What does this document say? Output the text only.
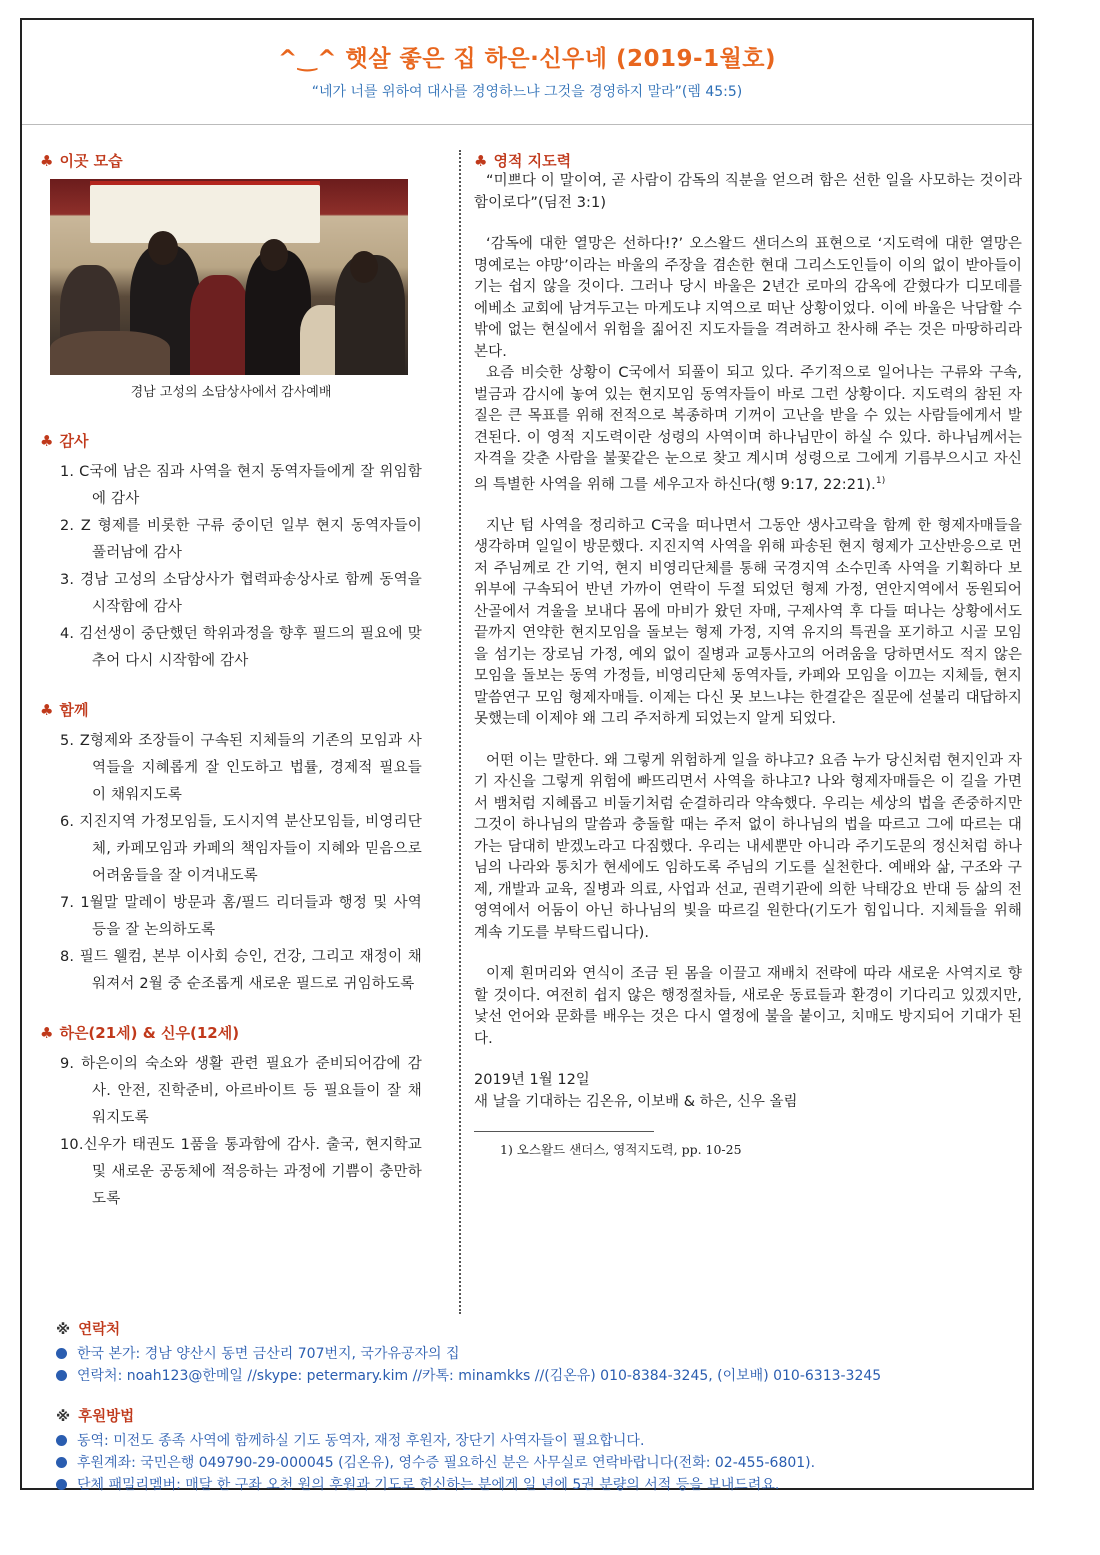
^‿^ 햇살 좋은 집 하은·신우네 (2019-1월호)
“네가 너를 위하여 대사를 경영하느냐 그것을 경영하지 말라”(렘 45:5)
♣ 이곳 모습
경남 고성의 소담상사에서 감사예배
♣ 감사
1. C국에 남은 짐과 사역을 현지 동역자들에게 잘 위임함에 감사
2. Z 형제를 비롯한 구류 중이던 일부 현지 동역자들이 풀러남에 감사
3. 경남 고성의 소담상사가 협력파송상사로 함께 동역을 시작함에 감사
4. 김선생이 중단했던 학위과정을 향후 필드의 필요에 맞추어 다시 시작함에 감사
♣ 함께
5. Z형제와 조장들이 구속된 지체들의 기존의 모임과 사역들을 지혜롭게 잘 인도하고 법률, 경제적 필요들이 채워지도록
6. 지진지역 가정모임들, 도시지역 분산모임들, 비영리단체, 카페모임과 카페의 책임자들이 지혜와 믿음으로 어려움들을 잘 이겨내도록
7. 1월말 말레이 방문과 홈/필드 리더들과 행정 및 사역 등을 잘 논의하도록
8. 필드 웰컴, 본부 이사회 승인, 건강, 그리고 재정이 채워져서 2월 중 순조롭게 새로운 필드로 귀임하도록
♣ 하은(21세) & 신우(12세)
9. 하은이의 숙소와 생활 관련 필요가 준비되어감에 감사. 안전, 진학준비, 아르바이트 등 필요들이 잘 채워지도록
10.신우가 태권도 1품을 통과함에 감사. 출국, 현지학교 및 새로운 공동체에 적응하는 과정에 기쁨이 충만하도록
♣ 영적 지도력

“미쁘다 이 말이여, 곧 사람이 감독의 직분을 얻으려 함은 선한 일을 사모하는 것이라 함이로다”(딤전 3:1)

‘감독에 대한 열망은 선하다!?’ 오스왈드 샌더스의 표현으로 ‘지도력에 대한 열망은 명예로는 야망’이라는 바울의 주장을 겸손한 현대 그리스도인들이 이의 없이 받아들이기는 쉽지 않을 것이다. 그러나 당시 바울은 2년간 로마의 감옥에 갇혔다가 디모데를 에베소 교회에 남겨두고는 마게도냐 지역으로 떠난 상황이었다. 이에 바울은 낙담할 수밖에 없는 현실에서 위험을 짊어진 지도자들을 격려하고 찬사해 주는 것은 마땅하리라 본다.

요즘 비슷한 상황이 C국에서 되풀이 되고 있다. 주기적으로 일어나는 구류와 구속, 벌금과 감시에 놓여 있는 현지모임 동역자들이 바로 그런 상황이다. 지도력의 참된 자질은 큰 목표를 위해 전적으로 복종하며 기꺼이 고난을 받을 수 있는 사람들에게서 발견된다. 이 영적 지도력이란 성령의 사역이며 하나님만이 하실 수 있다. 하나님께서는 자격을 갖춘 사람을 불꽃같은 눈으로 찾고 계시며 성령으로 그에게 기름부으시고 자신의 특별한 사역을 위해 그를 세우고자 하신다(행 9:17, 22:21).$^{1)}$

지난 텀 사역을 정리하고 C국을 떠나면서 그동안 생사고락을 함께 한 형제자매들을 생각하며 일일이 방문했다. 지진지역 사역을 위해 파송된 현지 형제가 고산반응으로 먼저 주님께로 간 기억, 현지 비영리단체를 통해 국경지역 소수민족 사역을 기획하다 보위부에 구속되어 반년 가까이 연락이 두절 되었던 형제 가정, 연안지역에서 동원되어 산골에서 겨울을 보내다 몸에 마비가 왔던 자매, 구제사역 후 다들 떠나는 상황에서도 끝까지 연약한 현지모임을 돌보는 형제 가정, 지역 유지의 특권을 포기하고 시골 모임을 섬기는 장로님 가정, 예외 없이 질병과 교통사고의 어려움을 당하면서도 적지 않은 모임을 돌보는 동역 가정들, 비영리단체 동역자들, 카페와 모임을 이끄는 지체들, 현지 말씀연구 모임 형제자매들. 이제는 다신 못 보느냐는 한결같은 질문에 섣불리 대답하지 못했는데 이제야 왜 그리 주저하게 되었는지 알게 되었다.

어떤 이는 말한다. 왜 그렇게 위험하게 일을 하냐고? 요즘 누가 당신처럼 현지인과 자기 자신을 그렇게 위험에 빠뜨리면서 사역을 하냐고? 나와 형제자매들은 이 길을 가면서 뱀처럼 지혜롭고 비둘기처럼 순결하리라 약속했다. 우리는 세상의 법을 존중하지만 그것이 하나님의 말씀과 충돌할 때는 주저 없이 하나님의 법을 따르고 그에 따르는 대가는 담대히 받겠노라고 다짐했다. 우리는 내세뿐만 아니라 주기도문의 정신처럼 하나님의 나라와 통치가 현세에도 임하도록 주님의 기도를 실천한다. 예배와 삶, 구조와 구제, 개발과 교육, 질병과 의료, 사업과 선교, 권력기관에 의한 낙태강요 반대 등 삶의 전 영역에서 어둠이 아닌 하나님의 빛을 따르길 원한다(기도가 힘입니다. 지체들을 위해 계속 기도를 부탁드립니다).

이제 흰머리와 연식이 조금 된 몸을 이끌고 재배치 전략에 따라 새로운 사역지로 향할 것이다. 여전히 쉽지 않은 행정절차들, 새로운 동료들과 환경이 기다리고 있겠지만, 낯선 언어와 문화를 배우는 것은 다시 열정에 불을 붙이고, 치매도 방지되어 기대가 된다.

2019년 1월 12일
새 날을 기대하는 김온유, 이보배 & 하은, 신우 올림
1) 오스왈드 샌더스, 영적지도력, pp. 10-25
※ 연락처
한국 본가: 경남 양산시 동면 금산리 707번지, 국가유공자의 집
연락처: noah123@한메일 //skype: petermary.kim //카톡: minamkks //(김온유) 010-8384-3245, (이보배) 010-6313-3245
※ 후원방법
동역: 미전도 종족 사역에 함께하실 기도 동역자, 재정 후원자, 장단기 사역자들이 필요합니다.
후원계좌: 국민은행 049790-29-000045 (김온유), 영수증 필요하신 분은 사무실로 연락바랍니다(전화: 02-455-6801).
단체 패밀리멤버: 매달 한 구좌 오천 원의 후원과 기도로 헌신하는 분에게 일 년에 5권 분량의 서적 등을 보내드려요.
